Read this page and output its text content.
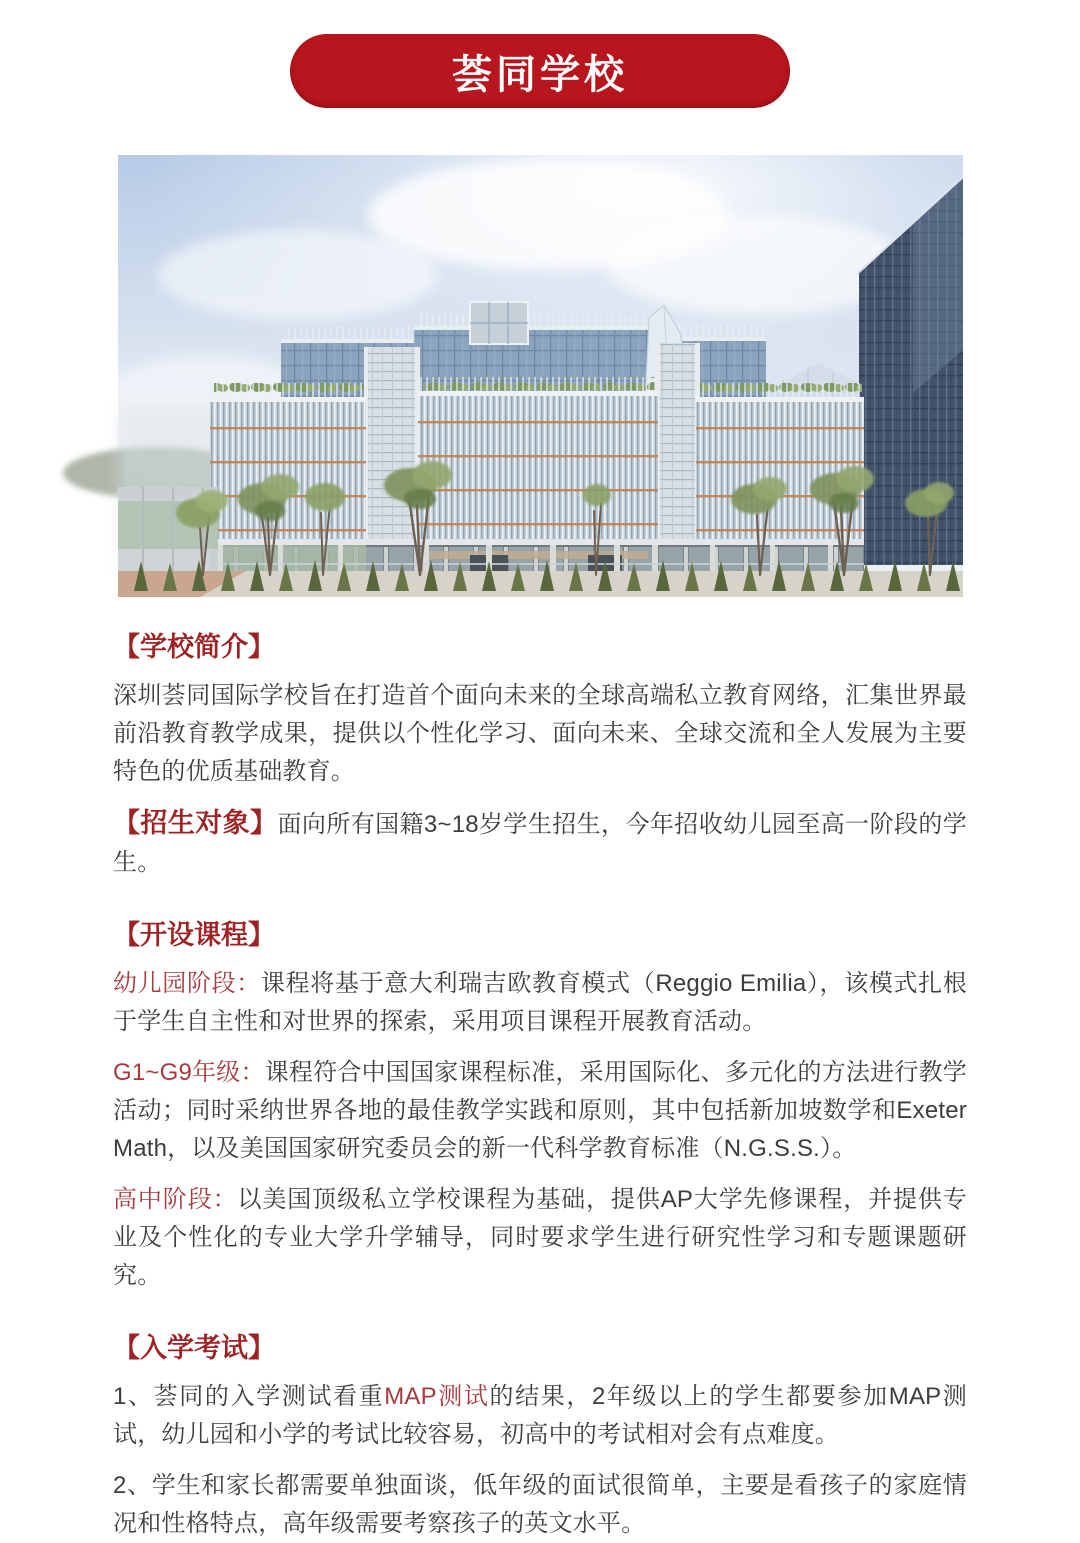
荟同学校
【学校简介】

深圳荟同国际学校旨在打造首个面向未来的全球高端私立教育网络，汇集世界最前沿教育教学成果，提供以个性化学习、面向未来、全球交流和全人发展为主要特色的优质基础教育。

【招生对象】面向所有国籍3~18岁学生招生，今年招收幼儿园至高一阶段的学生。

【开设课程】

幼儿园阶段：课程将基于意大利瑞吉欧教育模式（Reggio Emilia），该模式扎根于学生自主性和对世界的探索，采用项目课程开展教育活动。

G1~G9年级：课程符合中国国家课程标准，采用国际化、多元化的方法进行教学活动；同时采纳世界各地的最佳教学实践和原则，其中包括新加坡数学和Exeter Math，以及美国国家研究委员会的新一代科学教育标准（N.G.S.S.）。

高中阶段：以美国顶级私立学校课程为基础，提供AP大学先修课程，并提供专业及个性化的专业大学升学辅导，同时要求学生进行研究性学习和专题课题研究。

【入学考试】

1、荟同的入学测试看重MAP测试的结果，2年级以上的学生都要参加MAP测试，幼儿园和小学的考试比较容易，初高中的考试相对会有点难度。

2、学生和家长都需要单独面谈，低年级的面试很简单，主要是看孩子的家庭情况和性格特点，高年级需要考察孩子的英文水平。
